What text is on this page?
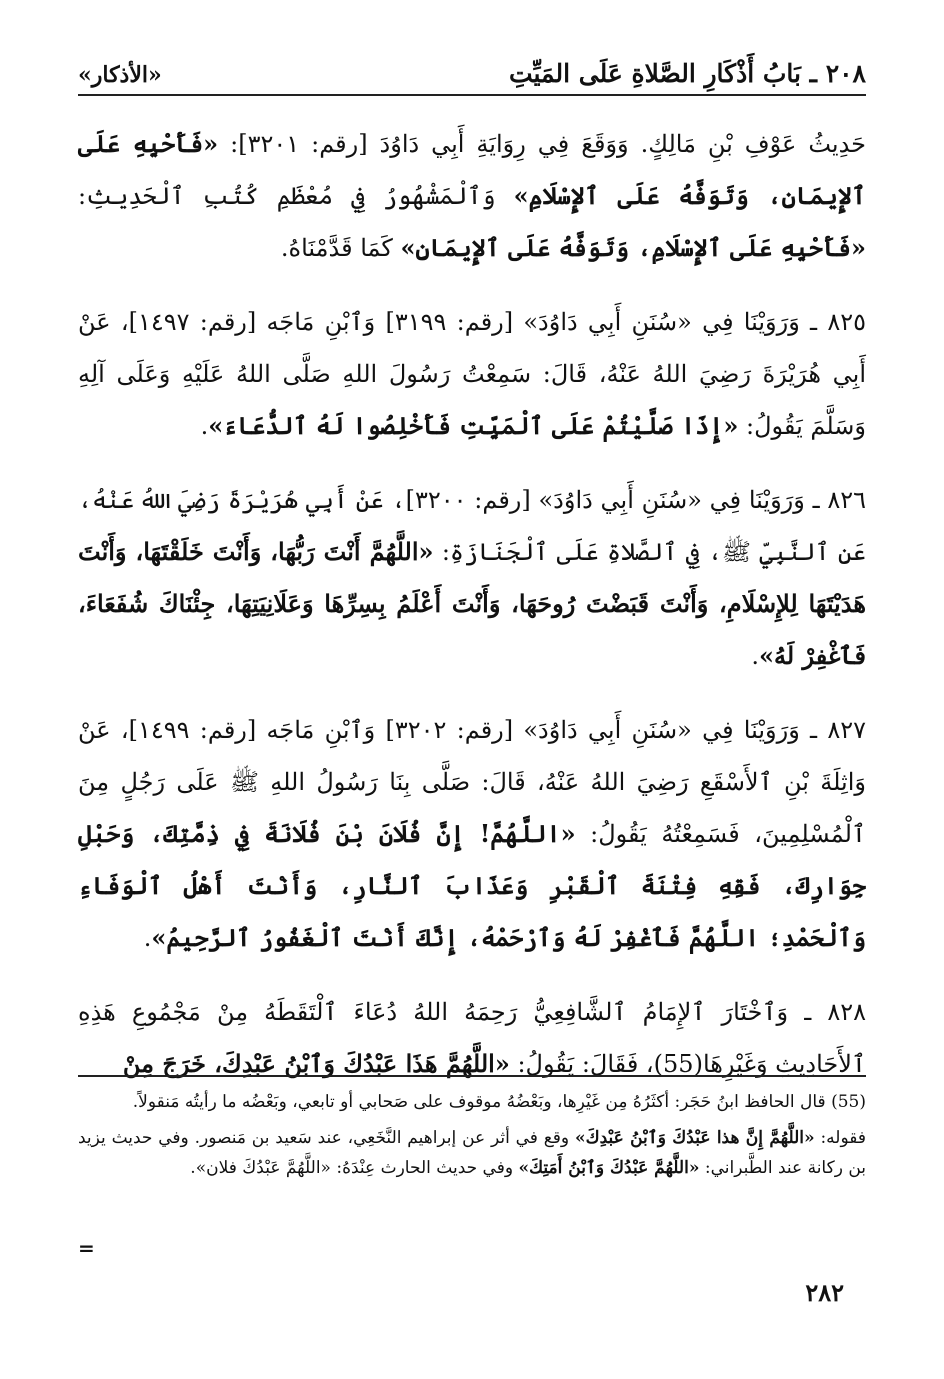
٢٠٨ ـ بَابُ أَذْكَارِ الصَّلاةِ عَلَى المَيِّتِ
«الأذكار»

حَدِيثُ عَوْفِ بْنِ مَالِكٍ. وَوَقَعَ فِي رِوَايَةِ أَبِي دَاوُدَ [رقم: ٣٢٠١]: «فَأَحْيِهِ عَلَى ٱلإِيمَانِ، وَتَوَفَّهُ عَلَى ٱلإِسْلَامِ» وَٱلْمَشْهُورُ فِي مُعْظَمِ كُتُبِ ٱلْحَدِيثِ: «فَأَحْيِهِ عَلَى ٱلإِسْلَامِ، وَتَوَفَّهُ عَلَى ٱلإِيمَانِ» كَمَا قَدَّمْنَاهُ.

٨٢٥ ـ وَرَوَيْنَا فِي «سُنَنِ أَبِي دَاوُدَ» [رقم: ٣١٩٩] وَٱبْنِ مَاجَه [رقم: ١٤٩٧]، عَنْ أَبِي هُرَيْرَةَ رَضِيَ اللهُ عَنْهُ، قَالَ: سَمِعْتُ رَسُولَ اللهِ صَلَّى اللهُ عَلَيْهِ وَعَلَى آلِهِ وَسَلَّمَ يَقُولُ: «إِذَا صَلَّيْتُمْ عَلَى ٱلْمَيِّتِ فَأَخْلِصُوا لَهُ ٱلدُّعَاءَ».

٨٢٦ ـ وَرَوَيْنَا فِي «سُنَنِ أَبِي دَاوُدَ» [رقم: ٣٢٠٠]، عَنْ أَبِي هُرَيْرَةَ رَضِيَ اللهُ عَنْهُ، عَنِ ٱلنَّبِيِّ ﷺ، فِي ٱلصَّلاةِ عَلَى ٱلْجَنَازَةِ: «اللَّهُمَّ أَنْتَ رَبُّهَا، وَأَنْتَ خَلَقْتَهَا، وَأَنْتَ هَدَيْتَهَا لِلإِسْلَامِ، وَأَنْتَ قَبَضْتَ رُوحَهَا، وَأَنْتَ أَعْلَمُ بِسِرِّهَا وَعَلَانِيَتِهَا، جِئْنَاكَ شُفَعَاءَ، فَٱغْفِرْ لَهُ».

٨٢٧ ـ وَرَوَيْنَا فِي «سُنَنِ أَبِي دَاوُدَ» [رقم: ٣٢٠٢] وَٱبْنِ مَاجَه [رقم: ١٤٩٩]، عَنْ وَاثِلَةَ بْنِ ٱلأَسْقَعِ رَضِيَ اللهُ عَنْهُ، قَالَ: صَلَّى بِنَا رَسُولُ اللهِ ﷺ عَلَى رَجُلٍ مِنَ ٱلْمُسْلِمِينَ، فَسَمِعْتُهُ يَقُولُ: «اللَّهُمَّ! إِنَّ فُلَانَ بْنَ فُلَانَةَ فِي ذِمَّتِكَ، وَحَبْلِ جِوَارِكَ، فَقِهِ فِتْنَةَ ٱلْقَبْرِ وَعَذَابَ ٱلنَّارِ، وَأَنْتَ أَهْلُ ٱلْوَفَاءِ وَٱلْحَمْدِ؛ اللَّهُمَّ فَٱغْفِرْ لَهُ وَٱرْحَمْهُ، إِنَّكَ أَنْتَ ٱلْغَفُورُ ٱلرَّحِيمُ».

٨٢٨ ـ وَٱخْتَارَ ٱلإِمَامُ ٱلشَّافِعِيُّ رَحِمَهُ اللهُ دُعَاءَ ٱلْتَقَطَهُ مِنْ مَجْمُوعِ هَذِهِ ٱلأَحَادِيثِ وَغَيْرِهَا(55)، فَقَالَ: يَقُولُ: «اللَّهُمَّ هَذَا عَبْدُكَ وَٱبْنُ عَبْدِكَ، خَرَجَ مِنْ

(55) قال الحافظ ابنُ حَجَر: أكثَرُهُ مِن غَيْرِها، وبَعْضُهُ موقوف على صَحابي أو تابعي، وبَعْضُه ما رأيتُه مَنقولاً.

فقوله: «اللَّهُمَّ إِنَّ هذا عَبْدُكَ وَٱبْنُ عَبْدِكَ» وقع في أثر عن إبراهيم النَّخَعِي، عند سَعيد بن مَنصور. وفي حديث يزيد بن ركانة عند الطَّبراني: «اللَّهُمَّ عَبْدُكَ وَٱبْنُ أَمَتِكَ» وفي حديث الحارث عِنْدَهُ: «اللَّهُمَّ عَبْدُكَ فلان».

=
٢٨٢
